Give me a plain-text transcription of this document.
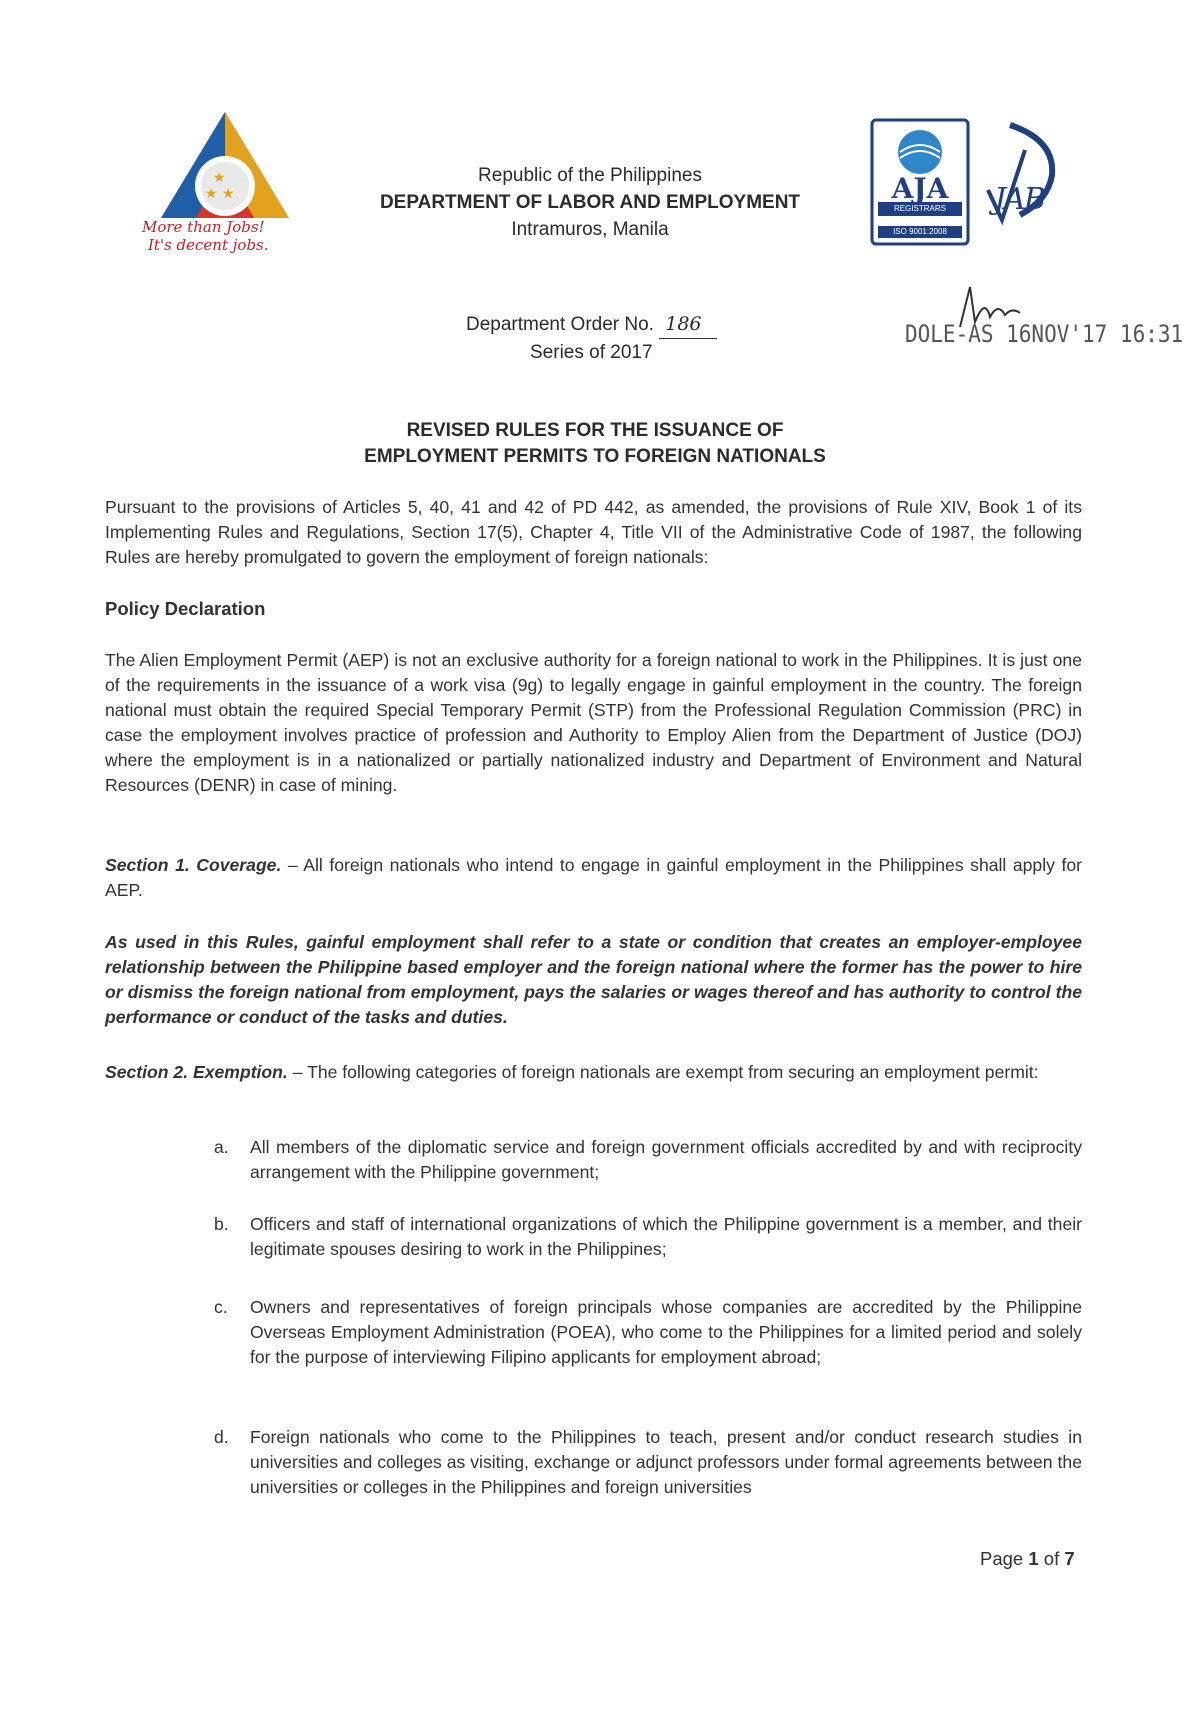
★
★ ★
More than Jobs!
It's decent jobs.
Republic of the Philippines
DEPARTMENT OF LABOR AND EMPLOYMENT
Intramuros, Manila
AJA
REGISTRARS
ISO 9001:2008
JAB
Department Order No. 186
Series of 2017
DOLE-AS 16NOV'17 16:31
REVISED RULES FOR THE ISSUANCE OF
EMPLOYMENT PERMITS TO FOREIGN NATIONALS
Pursuant to the provisions of Articles 5, 40, 41 and 42 of PD 442, as amended, the provisions of Rule XIV, Book 1 of its Implementing Rules and Regulations, Section 17(5), Chapter 4, Title VII of the Administrative Code of 1987, the following Rules are hereby promulgated to govern the employment of foreign nationals:
Policy Declaration
The Alien Employment Permit (AEP) is not an exclusive authority for a foreign national to work in the Philippines. It is just one of the requirements in the issuance of a work visa (9g) to legally engage in gainful employment in the country. The foreign national must obtain the required Special Temporary Permit (STP) from the Professional Regulation Commission (PRC) in case the employment involves practice of profession and Authority to Employ Alien from the Department of Justice (DOJ) where the employment is in a nationalized or partially nationalized industry and Department of Environment and Natural Resources (DENR) in case of mining.
Section 1. Coverage. – All foreign nationals who intend to engage in gainful employment in the Philippines shall apply for AEP.
As used in this Rules, gainful employment shall refer to a state or condition that creates an employer-employee relationship between the Philippine based employer and the foreign national where the former has the power to hire or dismiss the foreign national from employment, pays the salaries or wages thereof and has authority to control the performance or conduct of the tasks and duties.
Section 2. Exemption. – The following categories of foreign nationals are exempt from securing an employment permit:
a. All members of the diplomatic service and foreign government officials accredited by and with reciprocity arrangement with the Philippine government;
b. Officers and staff of international organizations of which the Philippine government is a member, and their legitimate spouses desiring to work in the Philippines;
c. Owners and representatives of foreign principals whose companies are accredited by the Philippine Overseas Employment Administration (POEA), who come to the Philippines for a limited period and solely for the purpose of interviewing Filipino applicants for employment abroad;
d. Foreign nationals who come to the Philippines to teach, present and/or conduct research studies in universities and colleges as visiting, exchange or adjunct professors under formal agreements between the universities or colleges in the Philippines and foreign universities
Page 1 of 7
